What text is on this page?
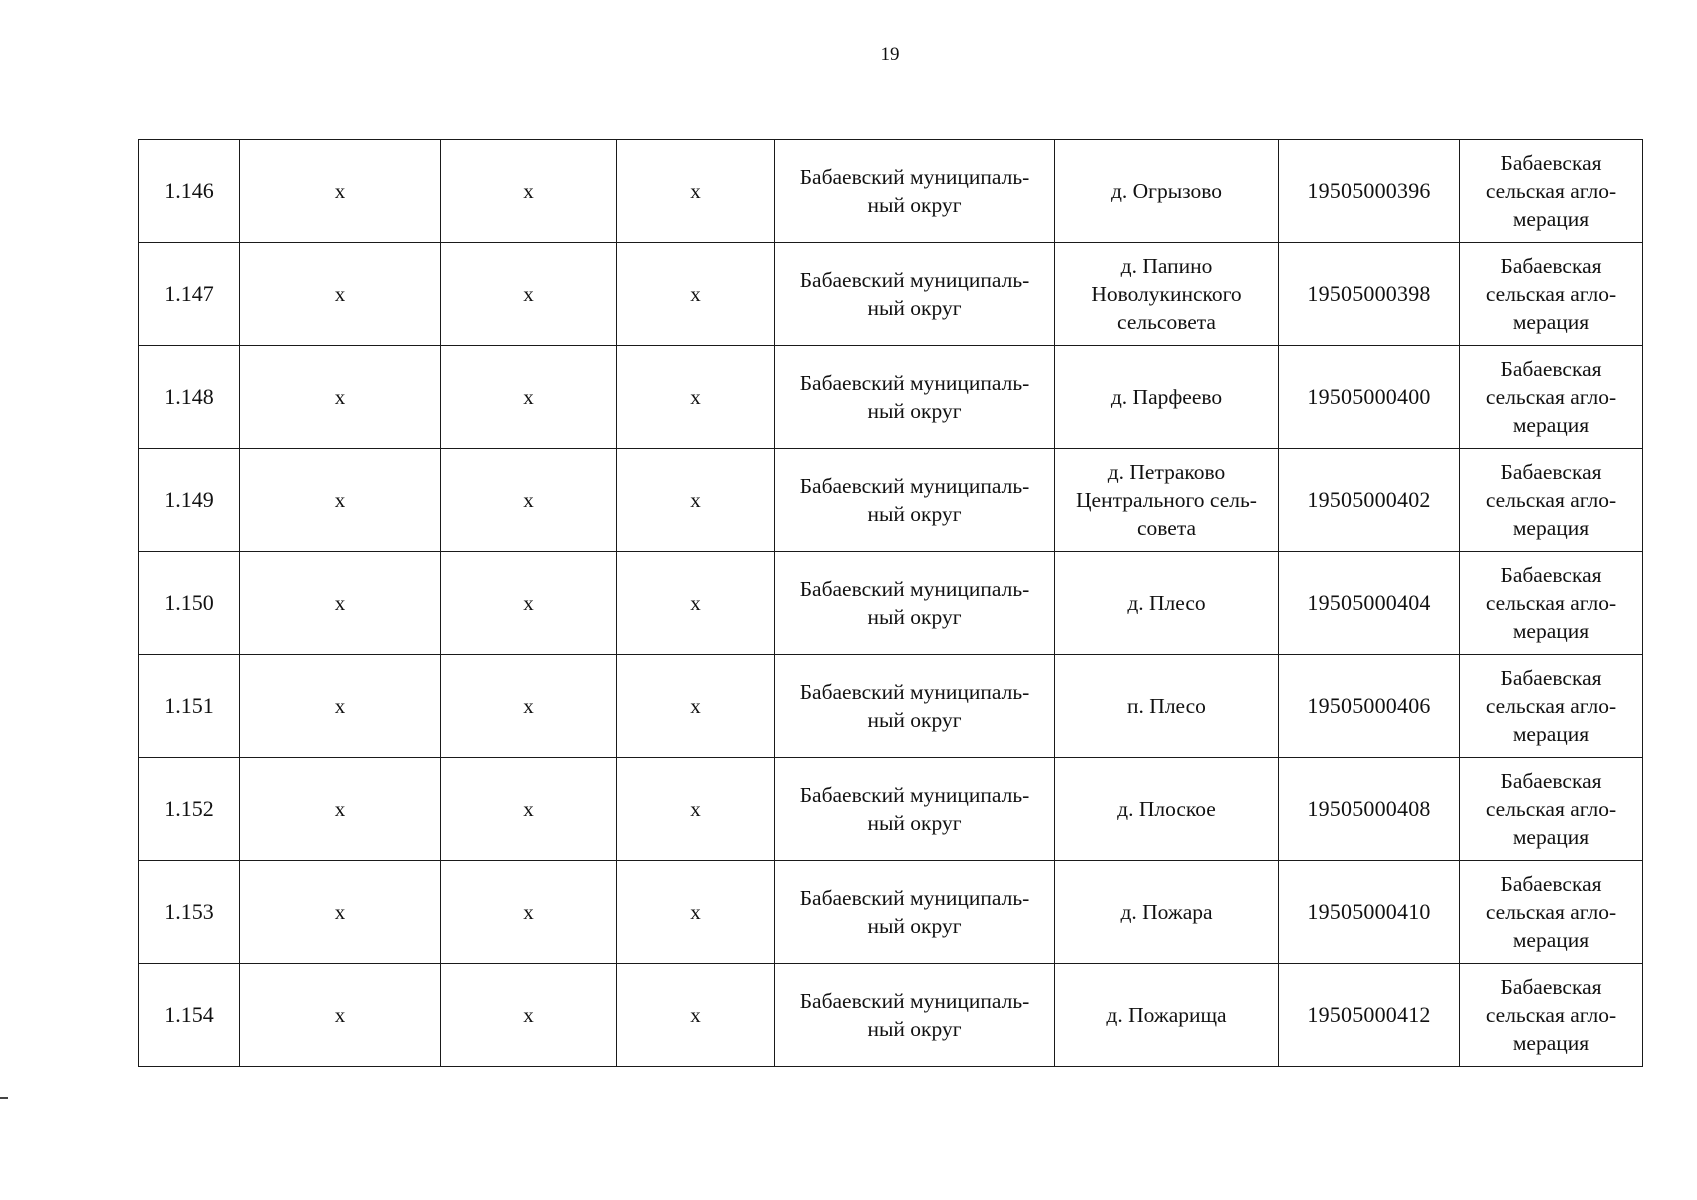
19
1.146	x	x	x	Бабаевский муниципаль-
ный округ	д. Огрызово	19505000396	Бабаевская
сельская агло-
мерация
1.147	x	x	x	Бабаевский муниципаль-
ный округ	д. Папино
Новолукинского
сельсовета	19505000398	Бабаевская
сельская агло-
мерация
1.148	x	x	x	Бабаевский муниципаль-
ный округ	д. Парфеево	19505000400	Бабаевская
сельская агло-
мерация
1.149	x	x	x	Бабаевский муниципаль-
ный округ	д. Петраково
Центрального сель-
совета	19505000402	Бабаевская
сельская агло-
мерация
1.150	x	x	x	Бабаевский муниципаль-
ный округ	д. Плесо	19505000404	Бабаевская
сельская агло-
мерация
1.151	x	x	x	Бабаевский муниципаль-
ный округ	п. Плесо	19505000406	Бабаевская
сельская агло-
мерация
1.152	x	x	x	Бабаевский муниципаль-
ный округ	д. Плоское	19505000408	Бабаевская
сельская агло-
мерация
1.153	x	x	x	Бабаевский муниципаль-
ный округ	д. Пожара	19505000410	Бабаевская
сельская агло-
мерация
1.154	x	x	x	Бабаевский муниципаль-
ный округ	д. Пожарища	19505000412	Бабаевская
сельская агло-
мерация
